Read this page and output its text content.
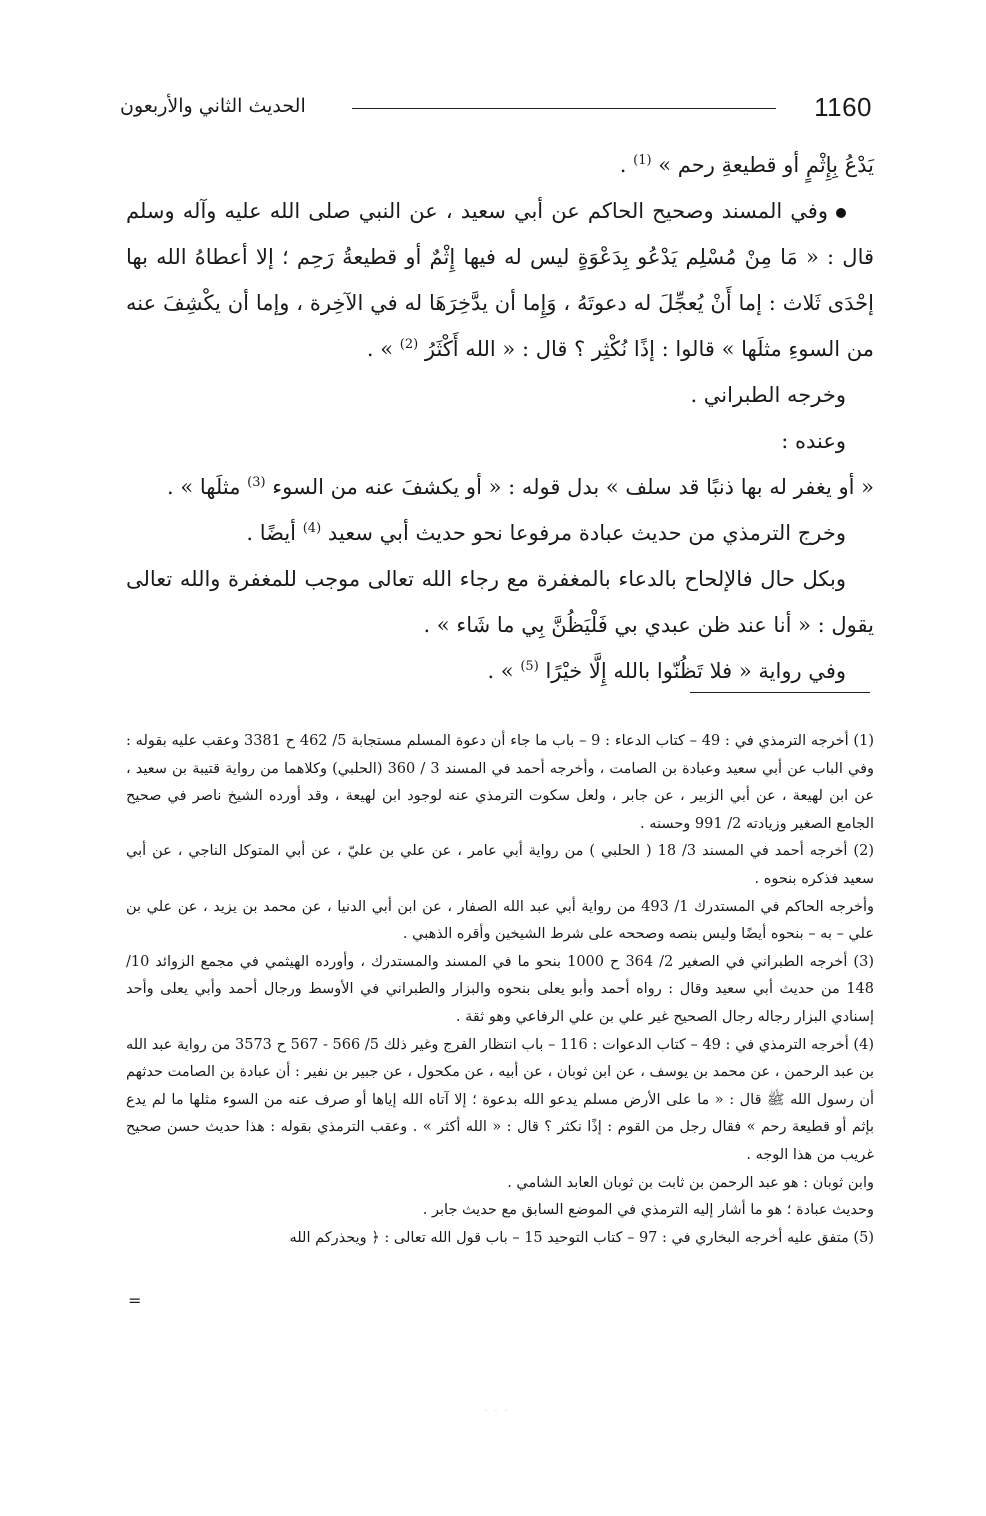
1160
الحديث الثاني والأربعون

يَدْعُ بِإِثْمٍ أو قطيعةِ رحم » $^{(1)}$ .

وفي المسند وصحيح الحاكم عن أبي سعيد ، عن النبي صلى الله عليه وآله وسلم قال : « مَا مِنْ مُسْلِم يَدْعُو بِدَعْوَةٍ ليس له فيها إِثْمٌ أو قطيعةُ رَحِم ؛ إلا أعطاهُ الله بها إحْدَى ثَلاث : إما أَنْ يُعجِّلَ له دعوتَهُ ، وَإِما أن يدَّخِرَهَا له في الآخِرة ، وإما أن يكْشِفَ عنه من السوءِ مثلَها » قالوا : إذًا نُكْثِر ؟ قال : « الله أَكْثَرُ $^{(2)}$ » .

وخرجه الطبراني .

وعنده :

« أو يغفر له بها ذنبًا قد سلف » بدل قوله : « أو يكشفَ عنه من السوء $^{(3)}$ مثلَها » .

وخرج الترمذي من حديث عبادة مرفوعا نحو حديث أبي سعيد $^{(4)}$ أيضًا .

وبكل حال فالإلحاح بالدعاء بالمغفرة مع رجاء الله تعالى موجب للمغفرة والله تعالى يقول : « أنا عند ظن عبدي بي فَلْيَظُنَّ بِي ما شَاء » .

وفي رواية « فلا تَظُنّوا بالله إِلَّا خيْرًا $^{(5)}$ » .

(1) أخرجه الترمذي في : 49 – كتاب الدعاء : 9 – باب ما جاء أن دعوة المسلم مستجابة 5/ 462 ح 3381 وعقب عليه بقوله : وفي الباب عن أبي سعيد وعبادة بن الصامت ، وأخرجه أحمد في المسند 3 / 360 (الحلبي) وكلاهما من رواية قتيبة بن سعيد ، عن ابن لهيعة ، عن أبي الزبير ، عن جابر ، ولعل سكوت الترمذي عنه لوجود ابن لهيعة ، وقد أورده الشيخ ناصر في صحيح الجامع الصغير وزيادته 2/ 991 وحسنه .

(2) أخرجه أحمد في المسند 3/ 18 ( الحلبي ) من رواية أبي عامر ، عن علي بن عليّ ، عن أبي المتوكل الناجي ، عن أبي سعيد فذكره بنحوه .

وأخرجه الحاكم في المستدرك 1/ 493 من رواية أبي عبد الله الصفار ، عن ابن أبي الدنيا ، عن محمد بن يزيد ، عن علي بن علي – به – بنحوه أيضًا وليس بنصه وصححه على شرط الشيخين وأقره الذهبي .

(3) أخرجه الطبراني في الصغير 2/ 364 ح 1000 بنحو ما في المسند والمستدرك ، وأورده الهيثمي في مجمع الزوائد 10/ 148 من حديث أبي سعيد وقال : رواه أحمد وأبو يعلى بنحوه والبزار والطبراني في الأوسط ورجال أحمد وأبي يعلى وأحد إسنادي البزار رجاله رجال الصحيح غير علي بن علي الرفاعي وهو ثقة .

(4) أخرجه الترمذي في : 49 – كتاب الدعوات : 116 – باب انتظار الفرج وغير ذلك 5/ 566 - 567 ح 3573 من رواية عبد الله بن عبد الرحمن ، عن محمد بن يوسف ، عن ابن ثوبان ، عن أبيه ، عن مكحول ، عن جبير بن نفير : أن عبادة بن الصامت حدثهم أن رسول الله ﷺ قال : « ما على الأرض مسلم يدعو الله بدعوة ؛ إلا آتاه الله إياها أو صرف عنه من السوء مثلها ما لم يدع بإثم أو قطيعة رحم » فقال رجل من القوم : إذًا نكثر ؟ قال : « الله أكثر » . وعقب الترمذي بقوله : هذا حديث حسن صحيح غريب من هذا الوجه .

وابن ثوبان : هو عبد الرحمن بن ثابت بن ثوبان العابد الشامي .

وحديث عبادة ؛ هو ما أشار إليه الترمذي في الموضع السابق مع حديث جابر .

(5) متفق عليه أخرجه البخاري في : 97 – كتاب التوحيد 15 – باب قول الله تعالى : ﴿ ويحذركم الله

=
· · ·
